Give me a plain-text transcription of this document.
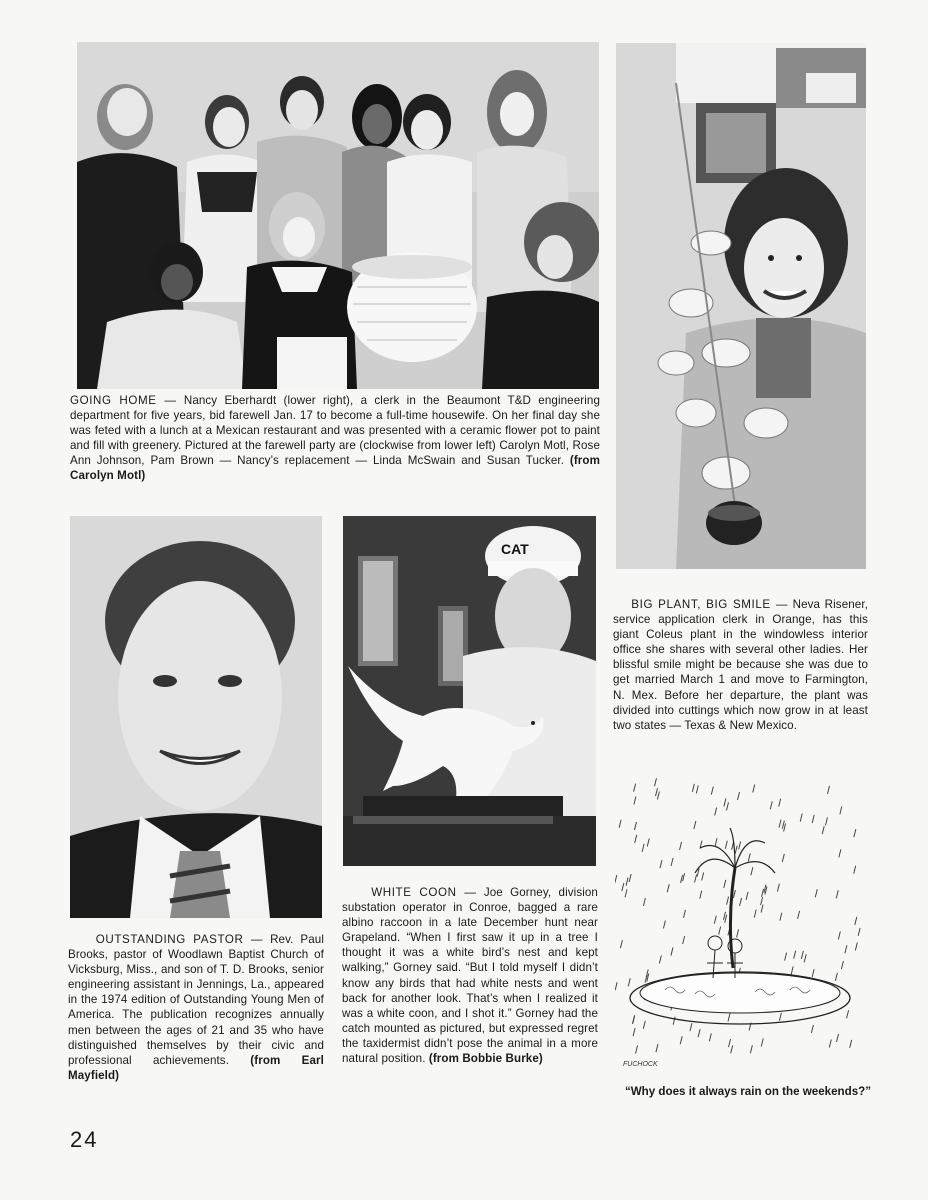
CAT
GOING HOME — Nancy Eberhardt (lower right), a clerk in the Beaumont T&D engineering department for five years, bid farewell Jan. 17 to become a full-time housewife. On her final day she was feted with a lunch at a Mexican restaurant and was presented with a ceramic flower pot to paint and fill with greenery. Pictured at the farewell party are (clockwise from lower left) Carolyn Motl, Rose Ann Johnson, Pam Brown — Nancy’s replacement — Linda McSwain and Susan Tucker. (from Carolyn Motl)
BIG PLANT, BIG SMILE — Neva Risener, service application clerk in Orange, has this giant Coleus plant in the windowless interior office she shares with several other ladies. Her blissful smile might be because she was due to get married March 1 and move to Farmington, N. Mex. Before her departure, the plant was divided into cuttings which now grow in at least two states — Texas & New Mexico.
OUTSTANDING PASTOR — Rev. Paul Brooks, pastor of Woodlawn Baptist Church of Vicksburg, Miss., and son of T. D. Brooks, senior engineering assistant in Jennings, La., appeared in the 1974 edition of Outstanding Young Men of America. The publication recognizes annually men between the ages of 21 and 35 who have distinguished themselves by their civic and professional achievements. (from Earl Mayfield)
WHITE COON — Joe Gorney, division substation operator in Conroe, bagged a rare albino raccoon in a late December hunt near Grapeland. “When I first saw it up in a tree I thought it was a white bird’s nest and kept walking,” Gorney said. “But I told myself I didn’t know any birds that had white nests and went back for another look. That’s when I realized it was a white coon, and I shot it.” Gorney had the catch mounted as pictured, but expressed regret the taxidermist didn’t pose the animal in a more natural position. (from Bobbie Burke)	FUCHOCK
“Why does it always rain on the weekends?”
24
